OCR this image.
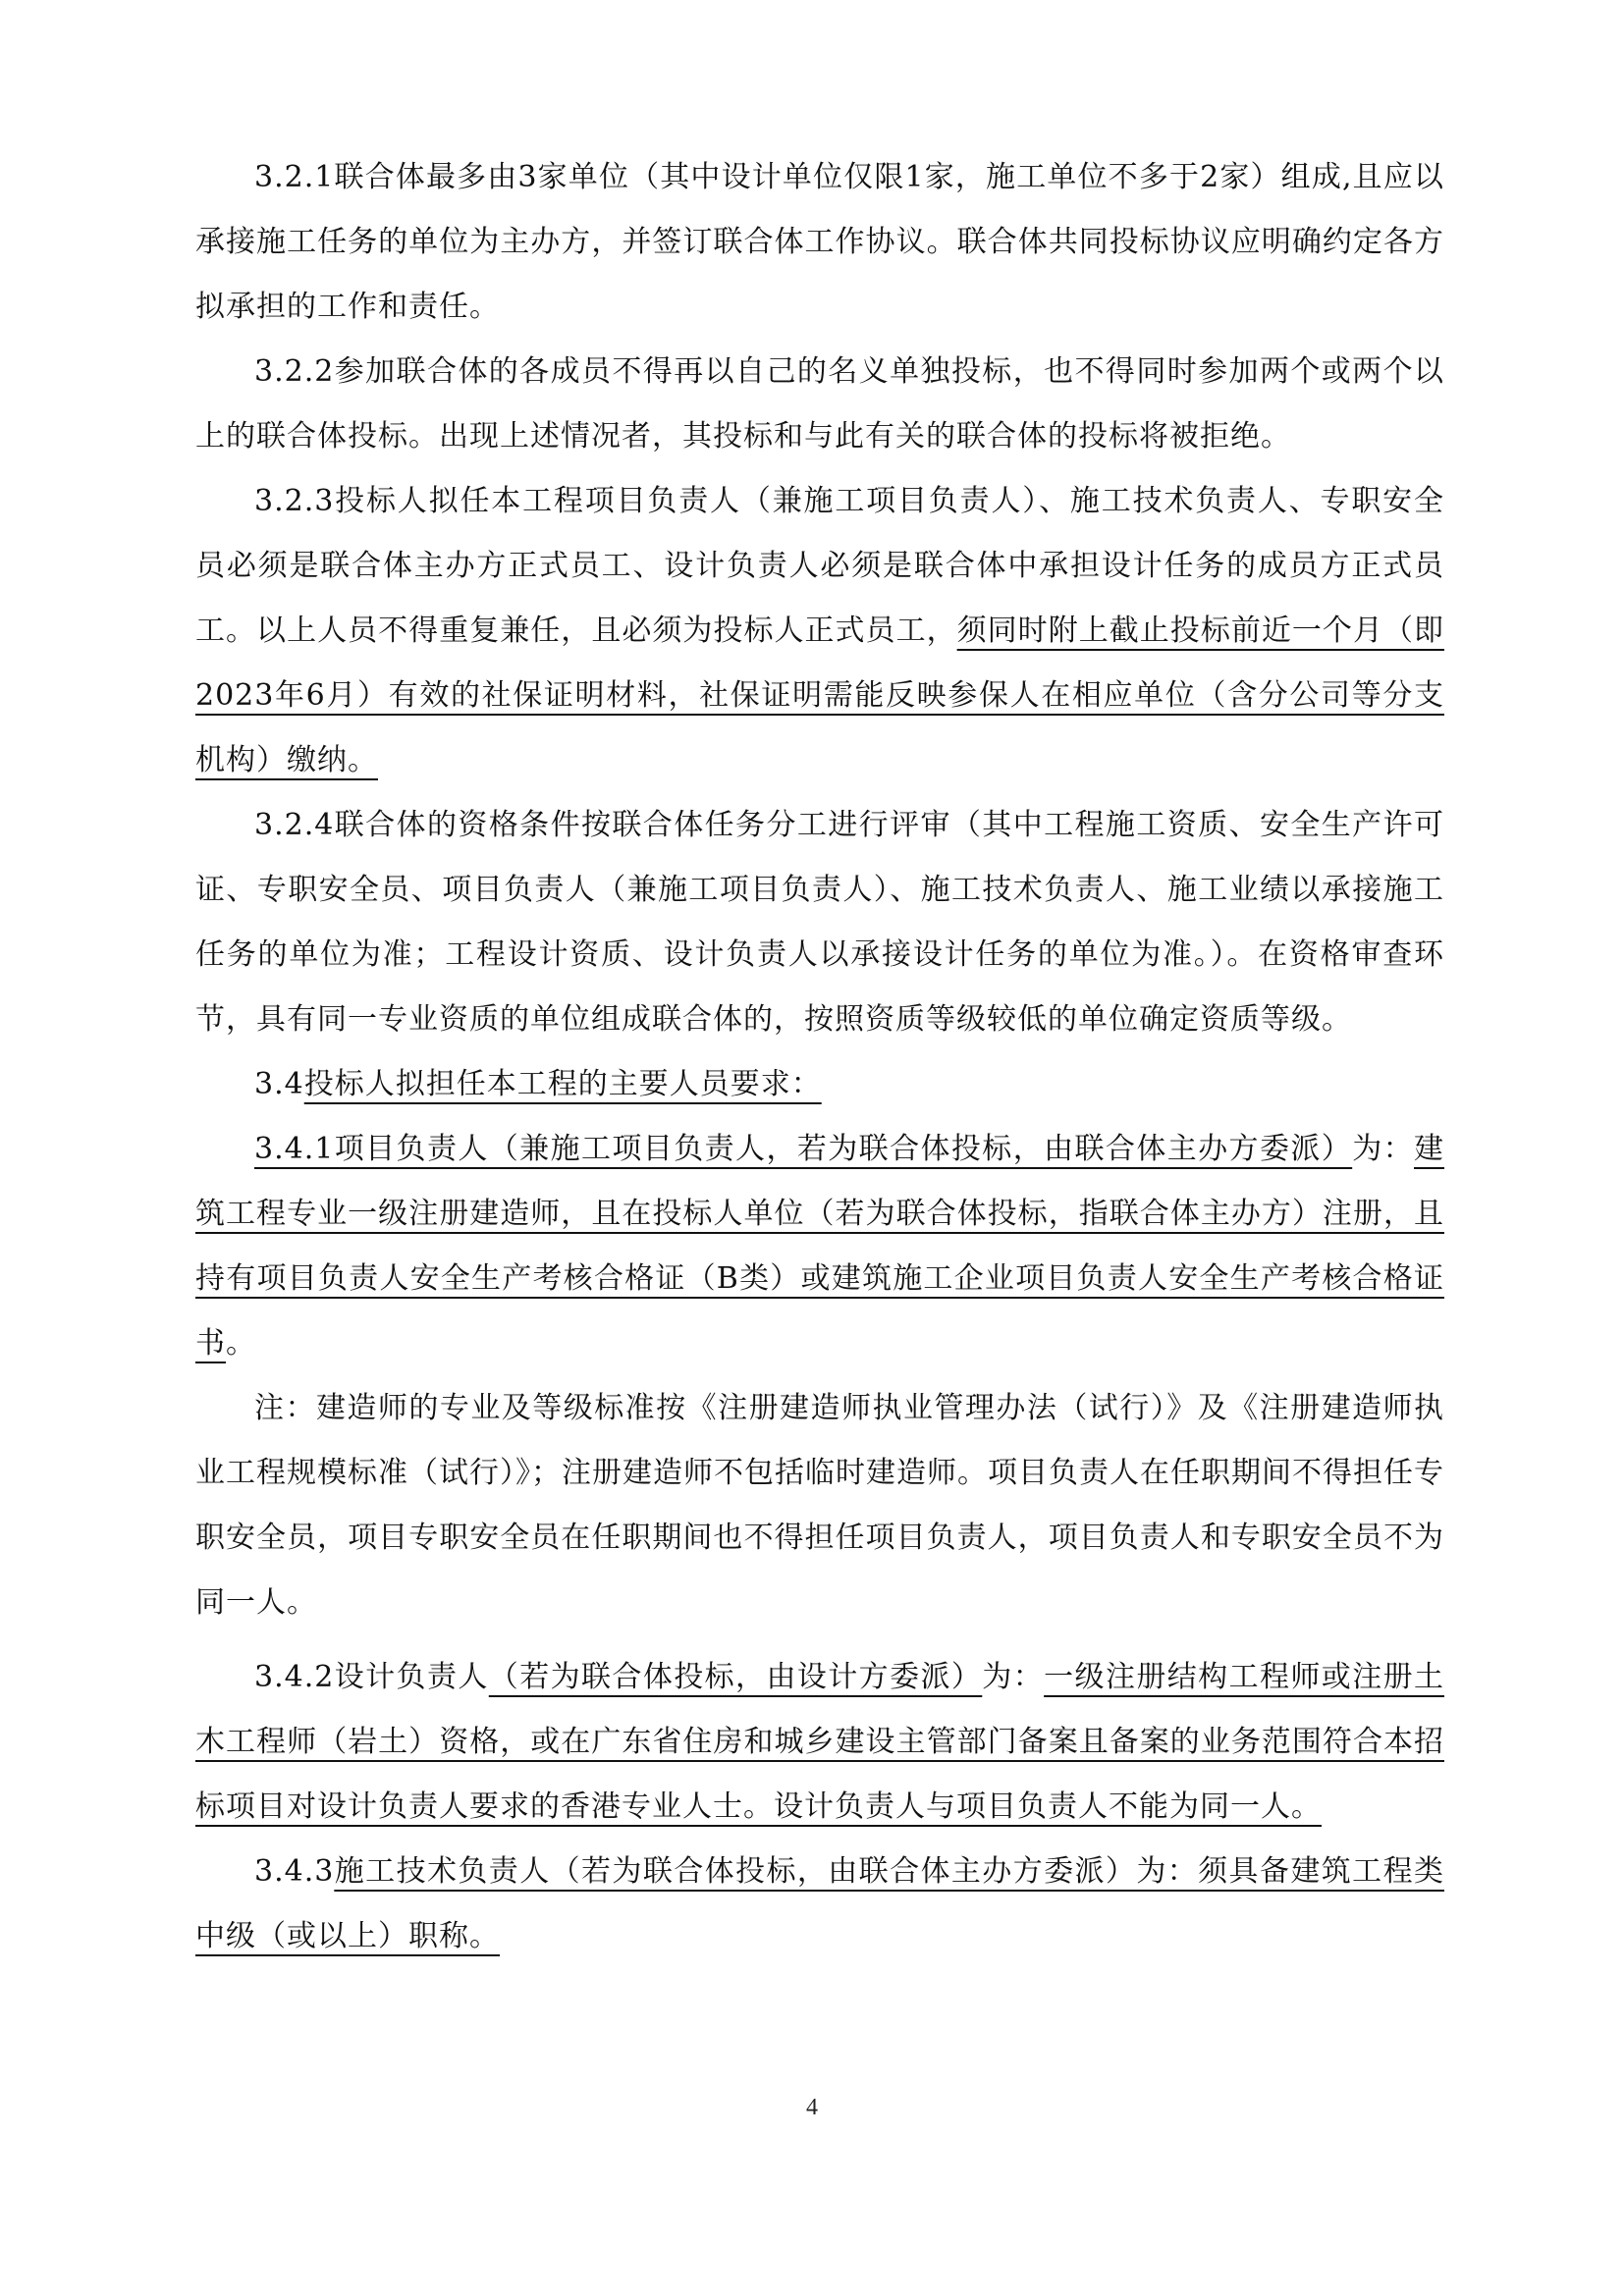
3.2.1联合体最多由3家单位（其中设计单位仅限1家，施工单位不多于2家）组成,且应以承接施工任务的单位为主办方，并签订联合体工作协议。联合体共同投标协议应明确约定各方拟承担的工作和责任。

3.2.2参加联合体的各成员不得再以自己的名义单独投标，也不得同时参加两个或两个以上的联合体投标。出现上述情况者，其投标和与此有关的联合体的投标将被拒绝。

3.2.3投标人拟任本工程项目负责人（兼施工项目负责人）、施工技术负责人、专职安全员必须是联合体主办方正式员工、设计负责人必须是联合体中承担设计任务的成员方正式员工。以上人员不得重复兼任，且必须为投标人正式员工，须同时附上截止投标前近一个月（即2023年6月）有效的社保证明材料，社保证明需能反映参保人在相应单位（含分公司等分支机构）缴纳。

3.2.4联合体的资格条件按联合体任务分工进行评审（其中工程施工资质、安全生产许可证、专职安全员、项目负责人（兼施工项目负责人）、施工技术负责人、施工业绩以承接施工任务的单位为准；工程设计资质、设计负责人以承接设计任务的单位为准。）。在资格审查环节，具有同一专业资质的单位组成联合体的，按照资质等级较低的单位确定资质等级。

3.4投标人拟担任本工程的主要人员要求：

3.4.1项目负责人（兼施工项目负责人，若为联合体投标，由联合体主办方委派）为：建筑工程专业一级注册建造师，且在投标人单位（若为联合体投标，指联合体主办方）注册，且持有项目负责人安全生产考核合格证（B类）或建筑施工企业项目负责人安全生产考核合格证书。

注：建造师的专业及等级标准按《注册建造师执业管理办法（试行）》及《注册建造师执业工程规模标准（试行）》；注册建造师不包括临时建造师。项目负责人在任职期间不得担任专职安全员，项目专职安全员在任职期间也不得担任项目负责人，项目负责人和专职安全员不为同一人。

3.4.2设计负责人（若为联合体投标，由设计方委派）为：一级注册结构工程师或注册土木工程师（岩土）资格，或在广东省住房和城乡建设主管部门备案且备案的业务范围符合本招标项目对设计负责人要求的香港专业人士。设计负责人与项目负责人不能为同一人。

3.4.3施工技术负责人（若为联合体投标，由联合体主办方委派）为：须具备建筑工程类中级（或以上）职称。

4
